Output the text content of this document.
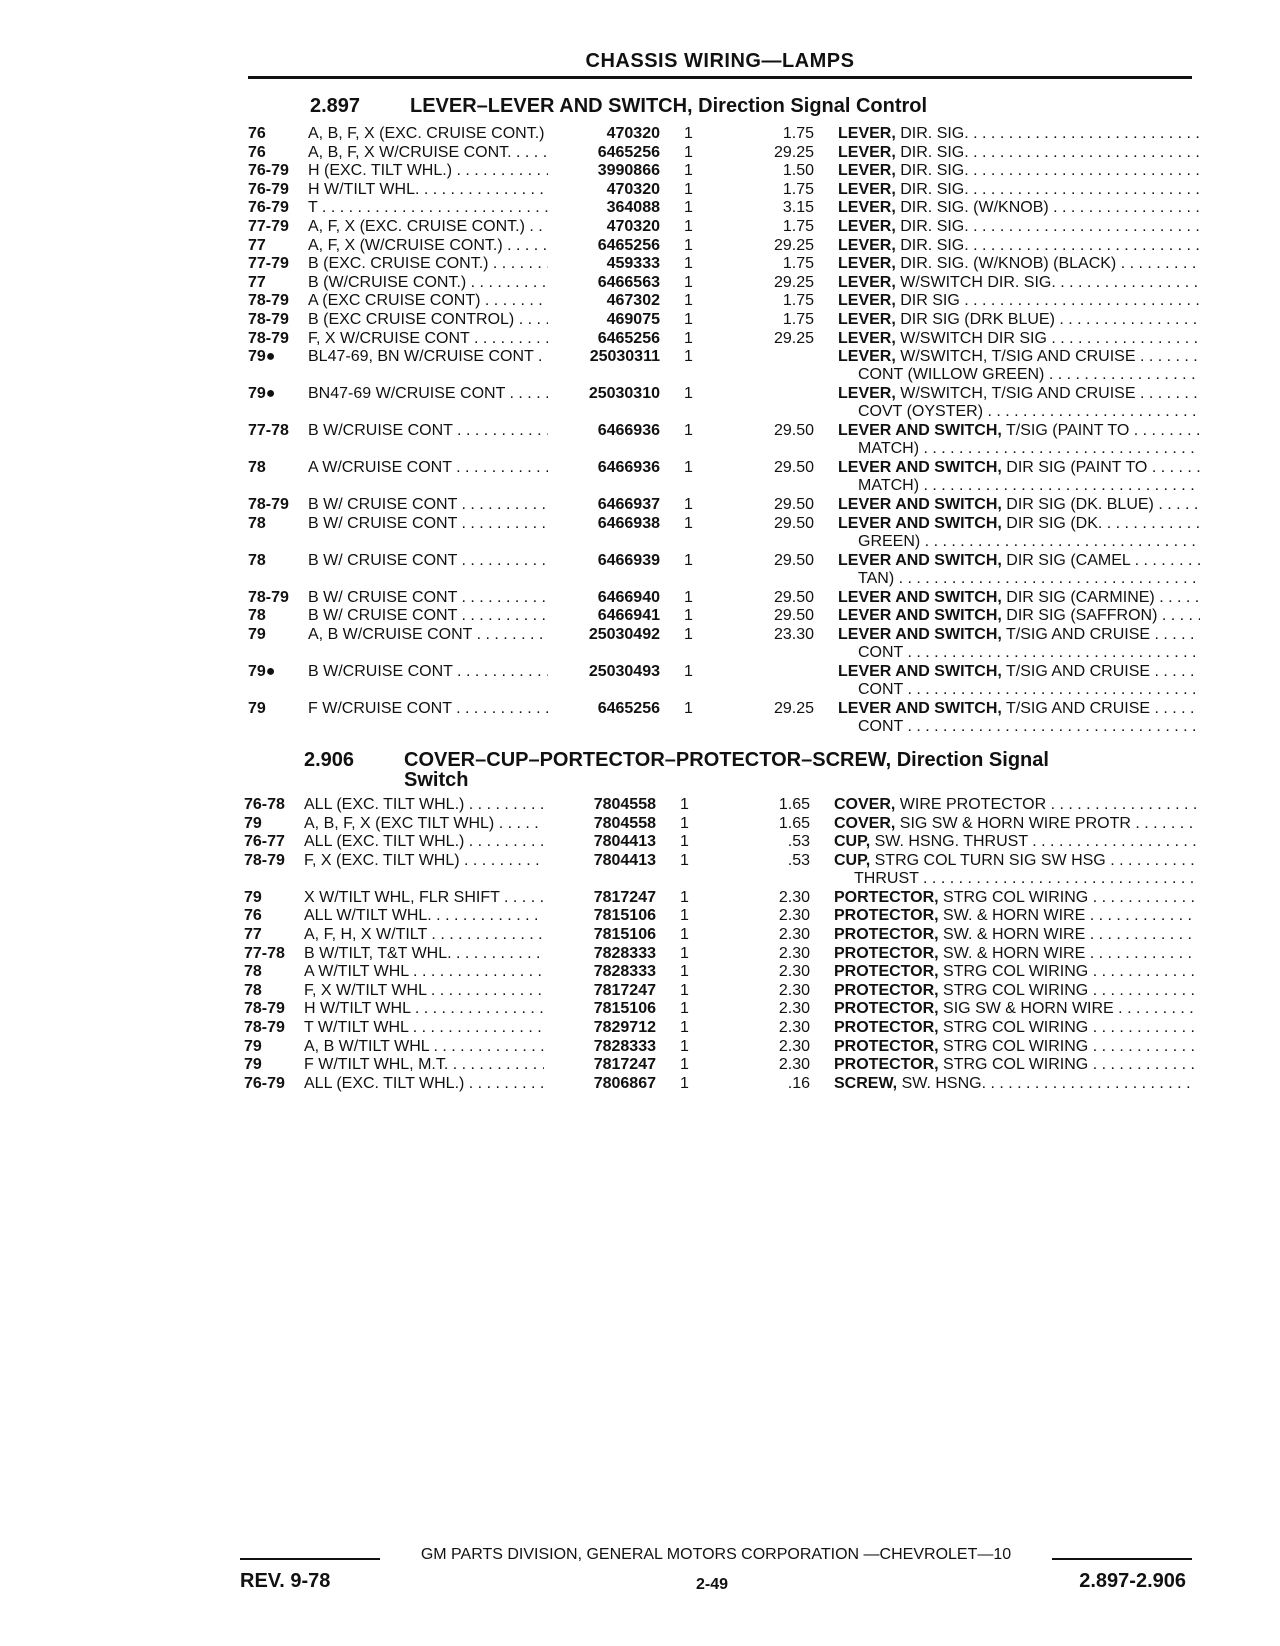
CHASSIS WIRING—LAMPS
2.897 LEVER–LEVER AND SWITCH, Direction Signal Control
2.906 COVER–CUP–PORTECTOR–PROTECTOR–SCREW, Direction Signal
Switch
76	A, B, F, X (EXC. CRUISE CONT.) . . .	470320 1	1.75 LEVER, DIR. SIG. . . .
76	A, B, F, X W/CRUISE CONT. . . .	6465256 1	29.25 LEVER, DIR. SIG. . . .
76-79	H (EXC. TILT WHL.) . . .	3990866 1	1.50 LEVER, DIR. SIG. . . .
76-79	H W/TILT WHL. . . .	470320 1	1.75 LEVER, DIR. SIG. . . .
76-79	T . . .	364088 1	3.15 LEVER, DIR. SIG. (W/KNOB) . . .
77-79	A, F, X (EXC. CRUISE CONT.) . . .	470320 1	1.75 LEVER, DIR. SIG. . . .
77	A, F, X (W/CRUISE CONT.) . . .	6465256 1	29.25 LEVER, DIR. SIG. . . .
77-79	B (EXC. CRUISE CONT.) . . .	459333 1	1.75 LEVER, DIR. SIG. (W/KNOB) (BLACK) . . .
77	B (W/CRUISE CONT.) . . .	6466563 1	29.25 LEVER, W/SWITCH DIR. SIG. . . .
78-79	A (EXC CRUISE CONT) . . .	467302 1	1.75 LEVER, DIR SIG . . .
78-79	B (EXC CRUISE CONTROL) . . .	469075 1	1.75 LEVER, DIR SIG (DRK BLUE) . . .
78-79	F, X W/CRUISE CONT . . .	6465256 1	29.25 LEVER, W/SWITCH DIR SIG . . .
79●	BL47-69, BN W/CRUISE CONT . . .	25030311 1	LEVER, W/SWITCH, T/SIG AND CRUISE . . .
CONT (WILLOW GREEN) . . .
79●	BN47-69 W/CRUISE CONT . . .	25030310 1	LEVER, W/SWITCH, T/SIG AND CRUISE . . .
COVT (OYSTER) . . .
77-78	B W/CRUISE CONT . . .	6466936 1	29.50 LEVER AND SWITCH, T/SIG (PAINT TO . . .
MATCH) . . .
78	A W/CRUISE CONT . . .	6466936 1	29.50 LEVER AND SWITCH, DIR SIG (PAINT TO . . .
MATCH) . . .
78-79	B W/ CRUISE CONT . . .	6466937 1	29.50 LEVER AND SWITCH, DIR SIG (DK. BLUE) . . .
78	B W/ CRUISE CONT . . .	6466938 1	29.50 LEVER AND SWITCH, DIR SIG (DK. . . .
GREEN) . . .
78	B W/ CRUISE CONT . . .	6466939 1	29.50 LEVER AND SWITCH, DIR SIG (CAMEL . . .
TAN) . . .
78-79	B W/ CRUISE CONT . . .	6466940 1	29.50 LEVER AND SWITCH, DIR SIG (CARMINE) . . .
78	B W/ CRUISE CONT . . .	6466941 1	29.50 LEVER AND SWITCH, DIR SIG (SAFFRON) . . .
79	A, B W/CRUISE CONT . . .	25030492 1	23.30 LEVER AND SWITCH, T/SIG AND CRUISE . . .
CONT . . .
79●	B W/CRUISE CONT . . .	25030493 1	LEVER AND SWITCH, T/SIG AND CRUISE . . .
CONT . . .
79	F W/CRUISE CONT . . .	6465256 1	29.25 LEVER AND SWITCH, T/SIG AND CRUISE . . .
CONT . . .
76-78	ALL (EXC. TILT WHL.) . . .	7804558 1	1.65 COVER, WIRE PROTECTOR . . .
79	A, B, F, X (EXC TILT WHL) . . .	7804558 1	1.65 COVER, SIG SW & HORN WIRE PROTR . . .
76-77	ALL (EXC. TILT WHL.) . . .	7804413 1	.53 CUP, SW. HSNG. THRUST . . .
78-79	F, X (EXC. TILT WHL) . . .	7804413 1	.53 CUP, STRG COL TURN SIG SW HSG . . .
THRUST . . .
79	X W/TILT WHL, FLR SHIFT . . .	7817247 1	2.30 PORTECTOR, STRG COL WIRING . . .
76	ALL W/TILT WHL. . . .	7815106 1	2.30 PROTECTOR, SW. & HORN WIRE . . .
77	A, F, H, X W/TILT . . .	7815106 1	2.30 PROTECTOR, SW. & HORN WIRE . . .
77-78	B W/TILT, T&T WHL. . . .	7828333 1	2.30 PROTECTOR, SW. & HORN WIRE . . .
78	A W/TILT WHL . . .	7828333 1	2.30 PROTECTOR, STRG COL WIRING . . .
78	F, X W/TILT WHL . . .	7817247 1	2.30 PROTECTOR, STRG COL WIRING . . .
78-79	H W/TILT WHL . . .	7815106 1	2.30 PROTECTOR, SIG SW & HORN WIRE . . .
78-79	T W/TILT WHL . . .	7829712 1	2.30 PROTECTOR, STRG COL WIRING . . .
79	A, B W/TILT WHL . . .	7828333 1	2.30 PROTECTOR, STRG COL WIRING . . .
79	F W/TILT WHL, M.T. . . .	7817247 1	2.30 PROTECTOR, STRG COL WIRING . . .
76-79	ALL (EXC. TILT WHL.) . . .	7806867 1	.16 SCREW, SW. HSNG. . . .
GM PARTS DIVISION, GENERAL MOTORS CORPORATION —CHEVROLET—10
REV. 9-78	2-49	2.897-2.906
